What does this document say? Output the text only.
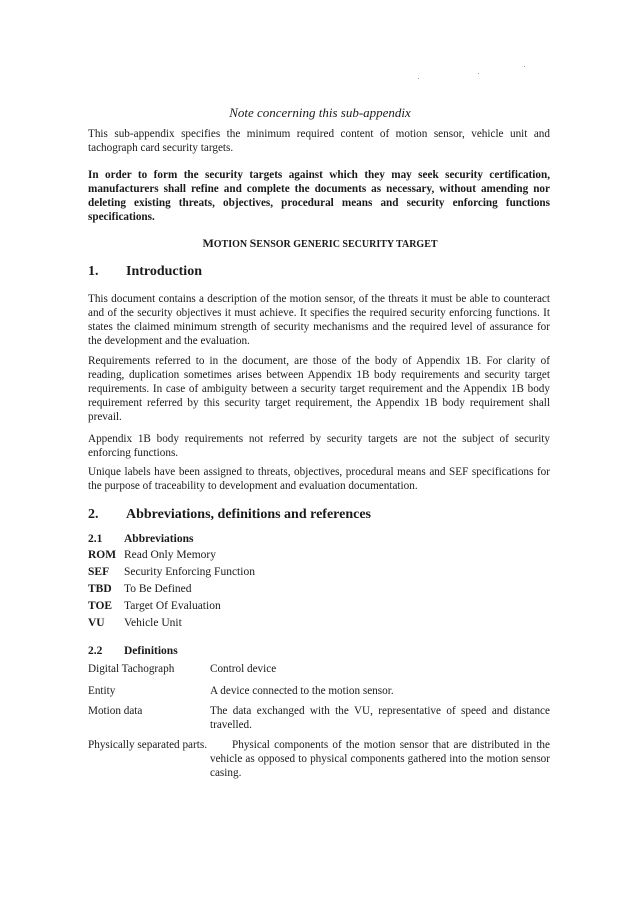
Note concerning this sub-appendix

This sub-appendix specifies the minimum required content of motion sensor, vehicle unit and tachograph card security targets.

In order to form the security targets against which they may seek security certification, manufacturers shall refine and complete the documents as necessary, without amending nor deleting existing threats, objectives, procedural means and security enforcing functions specifications.

MOTION SENSOR GENERIC SECURITY TARGET
1. Introduction

This document contains a description of the motion sensor, of the threats it must be able to counteract and of the security objectives it must achieve. It specifies the required security enforcing functions. It states the claimed minimum strength of security mechanisms and the required level of assurance for the development and the evaluation.

Requirements referred to in the document, are those of the body of Appendix 1B. For clarity of reading, duplication sometimes arises between Appendix 1B body requirements and security target requirements. In case of ambiguity between a security target requirement and the Appendix 1B body requirement referred by this security target requirement, the Appendix 1B body requirement shall prevail.

Appendix 1B body requirements not referred by security targets are not the subject of security enforcing functions.

Unique labels have been assigned to threats, objectives, procedural means and SEF specifications for the purpose of traceability to development and evaluation documentation.

2. Abbreviations, definitions and references
2.1 Abbreviations
ROM Read Only Memory
SEF Security Enforcing Function
TBD To Be Defined
TOE Target Of Evaluation
VU Vehicle Unit
2.2 Definitions
Digital Tachograph	Control device
Entity	A device connected to the motion sensor.
Motion data	The data exchanged with the VU, representative of speed and distance travelled.
Physically separated parts.	Physical components of the motion sensor that are distributed in the vehicle as opposed to physical components gathered into the motion sensor casing.
